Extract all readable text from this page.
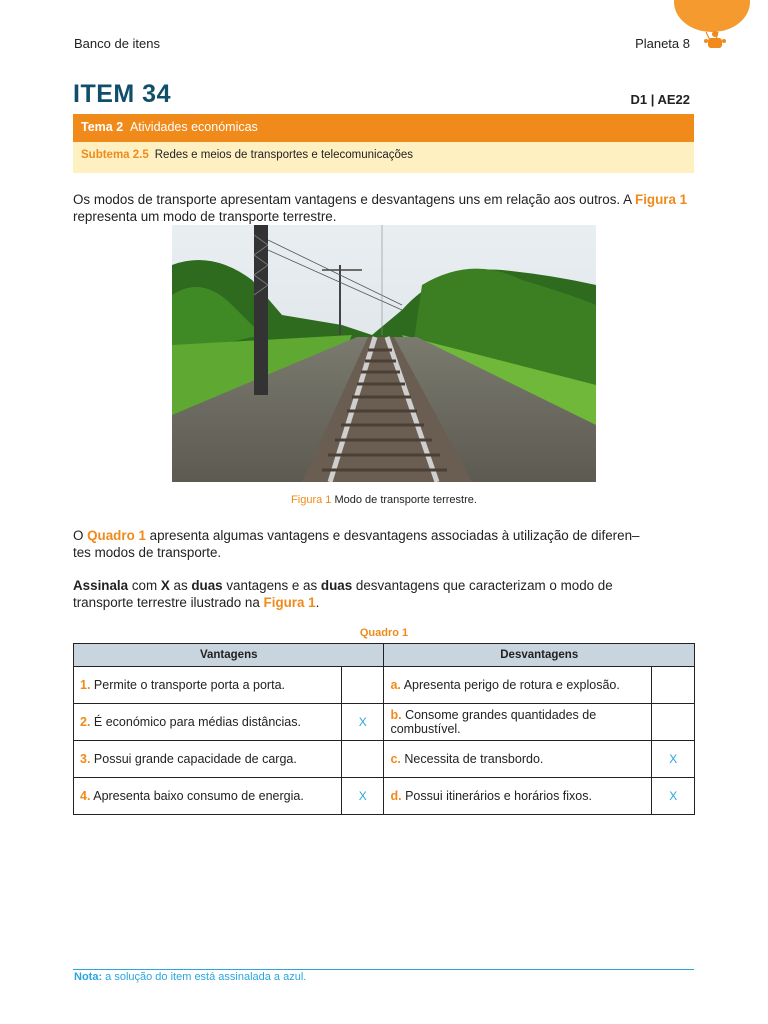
Banco de itens	Planeta 8
ITEM 34	D1 | AE22
Tema 2 Atividades económicas
Subtema 2.5 Redes e meios de transportes e telecomunicações
Os modos de transporte apresentam vantagens e desvantagens uns em relação aos outros. A Figura 1 representa um modo de transporte terrestre.
Figura 1 Modo de transporte terrestre.
O Quadro 1 apresenta algumas vantagens e desvantagens associadas à utilização de diferen–
tes modos de transporte.
Assinala com X as duas vantagens e as duas desvantagens que caracterizam o modo de
transporte terrestre ilustrado na Figura 1.
Quadro 1
Vantagens		Desvantagens	
1. Permite o transporte porta a porta.		a. Apresenta perigo de rotura e explosão.	
2. É económico para médias distâncias.	X	b. Consome grandes quantidades de combustível.	
3. Possui grande capacidade de carga.		c. Necessita de transbordo.	X
4. Apresenta baixo consumo de energia.	X	d. Possui itinerários e horários fixos.	X
Nota: a solução do item está assinalada a azul.
